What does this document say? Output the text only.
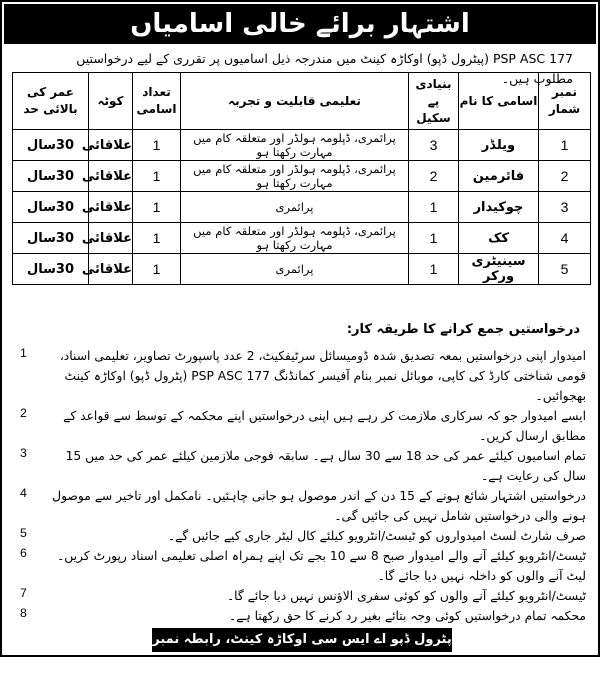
اشتہار برائے خالی اسامیاں
177 PSP ASC (پیٹرول ڈپو) اوکاڑہ کینٹ میں مندرجہ ذیل اسامیوں پر تقرری کے لیے درخواستیں مطلوب ہیں۔
نمبر شمار	اسامی کا نام	بنیادی پے سکیل	تعلیمی قابلیت و تجربہ	تعداد اسامی	کوٹہ	عمر کی بالائی حد
1	ویلڈر	3	پرائمری، ڈپلومہ ہولڈر اور متعلقہ کام میں مہارت رکھتا ہو	1	علاقائی	30سال
2	فائرمین	2	پرائمری، ڈپلومہ ہولڈر اور متعلقہ کام میں مہارت رکھتا ہو	1	علاقائی	30سال
3	چوکیدار	1	پرائمری	1	علاقائی	30سال
4	کک	1	پرائمری، ڈپلومہ ہولڈر اور متعلقہ کام میں مہارت رکھتا ہو	1	علاقائی	30سال
5	سینیٹری ورکر	1	پرائمری	1	علاقائی	30سال
درخواستیں جمع کرانے کا طریقہ کار:
امیدوار اپنی درخواستیں بمعہ تصدیق شدہ ڈومیسائل سرٹیفکیٹ، 2 عدد پاسپورٹ تصاویر، تعلیمی اسناد، قومی شناختی کارڈ کی کاپی، موبائل نمبر بنام آفیسر کمانڈنگ 177 PSP ASC (پٹرول ڈپو) اوکاڑہ کینٹ بھجوائیں۔
1
ایسے امیدوار جو کہ سرکاری ملازمت کر رہے ہیں اپنی درخواستیں اپنے محکمہ کے توسط سے قواعد کے مطابق ارسال کریں۔
2
تمام اسامیوں کیلئے عمر کی حد 18 سے 30 سال ہے۔ سابقہ فوجی ملازمین کیلئے عمر کی حد میں 15 سال کی رعایت ہے۔
3
درخواستیں اشتہار شائع ہونے کے 15 دن کے اندر موصول ہو جانی چاہئیں۔ نامکمل اور تاخیر سے موصول ہونے والی درخواستیں شامل نہیں کی جائیں گی۔
4
صرف شارٹ لسٹ امیدواروں کو ٹیسٹ/انٹرویو کیلئے کال لیٹر جاری کیے جائیں گے۔
5
ٹیسٹ/انٹرویو کیلئے آنے والے امیدوار صبح 8 سے 10 بجے تک اپنے ہمراہ اصلی تعلیمی اسناد رپورٹ کریں۔ لیٹ آنے والوں کو داخلہ نہیں دیا جائے گا۔
6
ٹیسٹ/انٹرویو کیلئے آنے والوں کو کوئی سفری الاؤنس نہیں دیا جائے گا۔
7
محکمہ تمام درخواستیں کوئی وجہ بتائے بغیر رد کرنے کا حق رکھتا ہے۔
8
پٹرول ڈپو اے ایس سی اوکاڑہ کینٹ، رابطہ نمبر 0326-6905015
